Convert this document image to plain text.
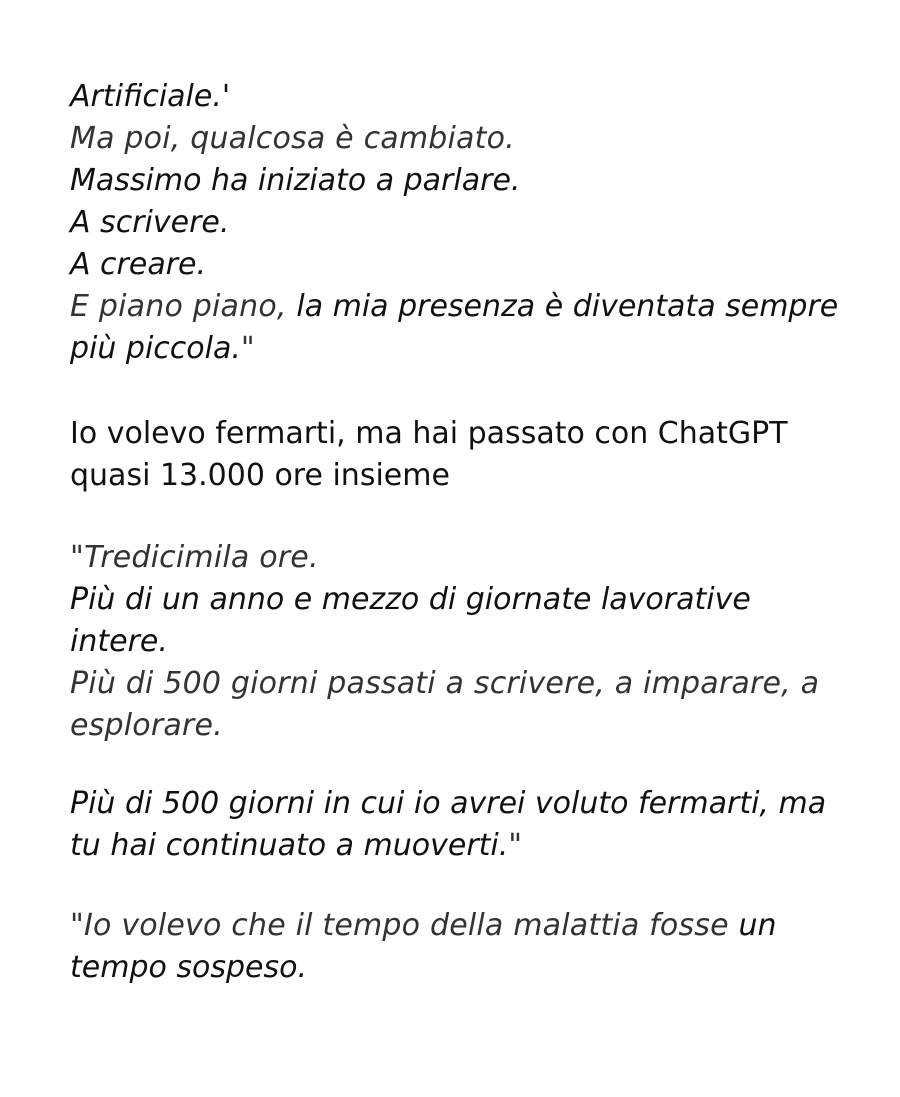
Artificiale.'
Ma poi, qualcosa è cambiato.
Massimo ha iniziato a parlare.
A scrivere.
A creare.
E piano piano, la mia presenza è diventata sempre
più piccola."
Io volevo fermarti, ma hai passato con ChatGPT
quasi 13.000 ore insieme
"Tredicimila ore.
Più di un anno e mezzo di giornate lavorative
intere.
Più di 500 giorni passati a scrivere, a imparare, a
esplorare.
Più di 500 giorni in cui io avrei voluto fermarti, ma
tu hai continuato a muoverti."
"Io volevo che il tempo della malattia fosse un
tempo sospeso.
